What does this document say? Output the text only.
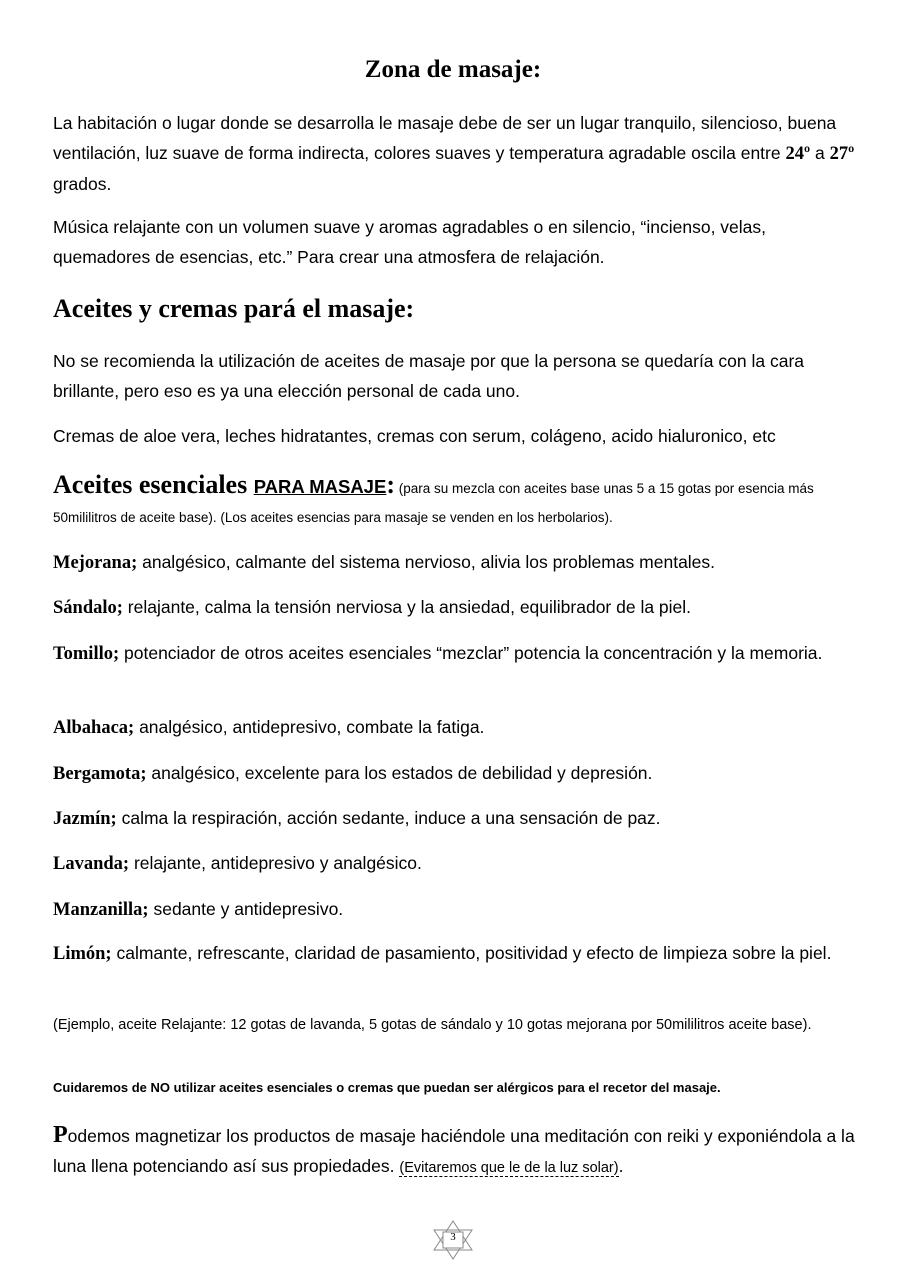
Zona de masaje:
La habitación o lugar donde se desarrolla le masaje debe de ser un lugar tranquilo, silencioso, buena ventilación, luz suave de forma indirecta, colores suaves y temperatura agradable oscila entre 24º a 27º grados.
Música relajante con un volumen suave y aromas agradables o en silencio, “incienso, velas, quemadores de esencias, etc.” Para crear una atmosfera de relajación.
Aceites y cremas pará el masaje:
No se recomienda la utilización de aceites de masaje por que la persona se quedaría con la cara brillante, pero eso es ya una elección personal de cada uno.
Cremas de aloe vera, leches hidratantes, cremas con serum, colágeno, acido hialuronico, etc
Aceites esenciales PARA MASAJE: (para su mezcla con aceites base unas 5 a 15 gotas por esencia más 50mililitros de aceite base). (Los aceites esencias para masaje se venden en los herbolarios).
Mejorana; analgésico, calmante del sistema nervioso, alivia los problemas mentales.
Sándalo; relajante, calma la tensión nerviosa y la ansiedad, equilibrador de la piel.
Tomillo; potenciador de otros aceites esenciales “mezclar” potencia la concentración y la memoria.
Albahaca; analgésico, antidepresivo, combate la fatiga.
Bergamota; analgésico, excelente para los estados de debilidad y depresión.
Jazmín; calma la respiración, acción sedante, induce a una sensación de paz.
Lavanda; relajante, antidepresivo y analgésico.
Manzanilla; sedante y antidepresivo.
Limón; calmante, refrescante, claridad de pasamiento, positividad y efecto de limpieza sobre la piel.
(Ejemplo, aceite Relajante: 12 gotas de lavanda, 5 gotas de sándalo y 10 gotas mejorana por 50mililitros aceite base).
Cuidaremos de NO utilizar aceites esenciales o cremas que puedan ser alérgicos para el recetor del masaje.
Podemos magnetizar los productos de masaje haciéndole una meditación con reiki y exponiéndola a la luna llena potenciando así sus propiedades. (Evitaremos que le de la luz solar).
3
